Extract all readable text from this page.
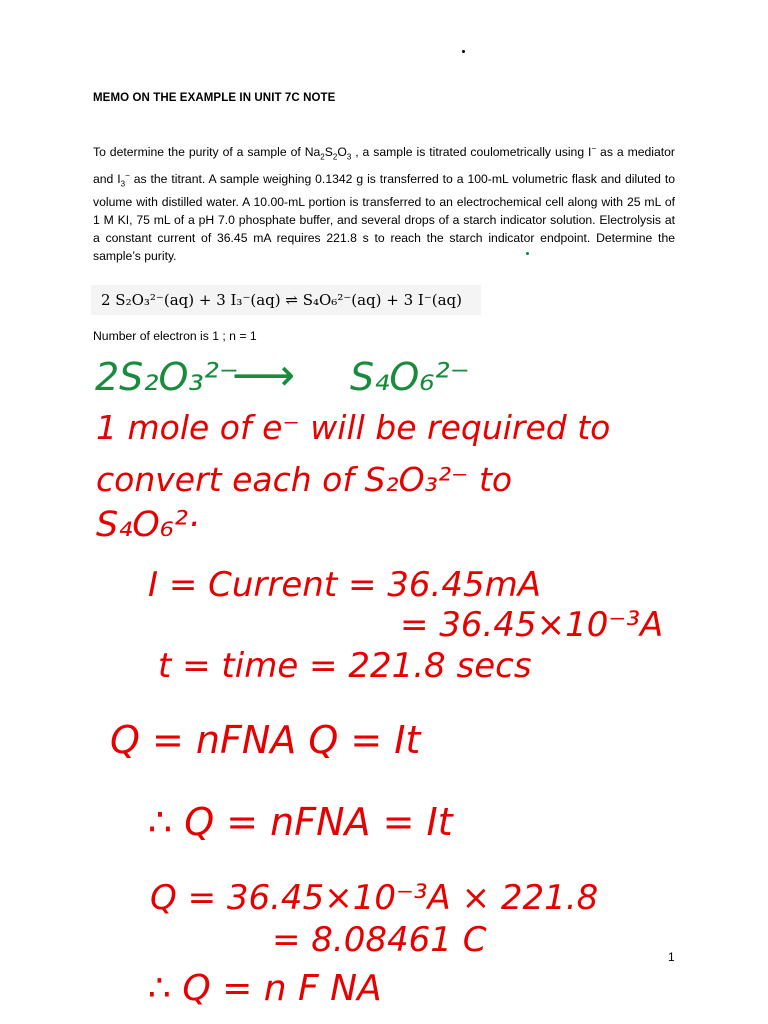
MEMO ON THE EXAMPLE IN UNIT 7C NOTE
To determine the purity of a sample of $Na_2S_2O_3$ , a sample is titrated coulometrically using I− as a mediator and $I_3^-$ as the titrant. A sample weighing 0.1342 g is transferred to a 100-mL volumetric flask and diluted to volume with distilled water. A 10.00-mL portion is transferred to an electrochemical cell along with 25 mL of 1 M KI, 75 mL of a pH 7.0 phosphate buffer, and several drops of a starch indicator solution. Electrolysis at a constant current of 36.45 mA requires 221.8 s to reach the starch indicator endpoint. Determine the sample’s purity.
2 S₂O₃²⁻(aq) + 3 I₃⁻(aq) ⇌ S₄O₆²⁻(aq) + 3 I⁻(aq)
Number of electron is 1 ; n = 1
2S₂O₃²⁻
⟶ S₄O₆²⁻
1 mole of e⁻ will be required to
convert each of S₂O₃²⁻ to
S₄O₆²·
I = Current = 36.45mA
= 36.45×10⁻³A
t = time = 221.8 secs
Q = nFNA Q = It
∴ Q = nFNA = It
Q = 36.45×10⁻³A × 221.8
= 8.08461 C
∴ Q = n F NA
1
